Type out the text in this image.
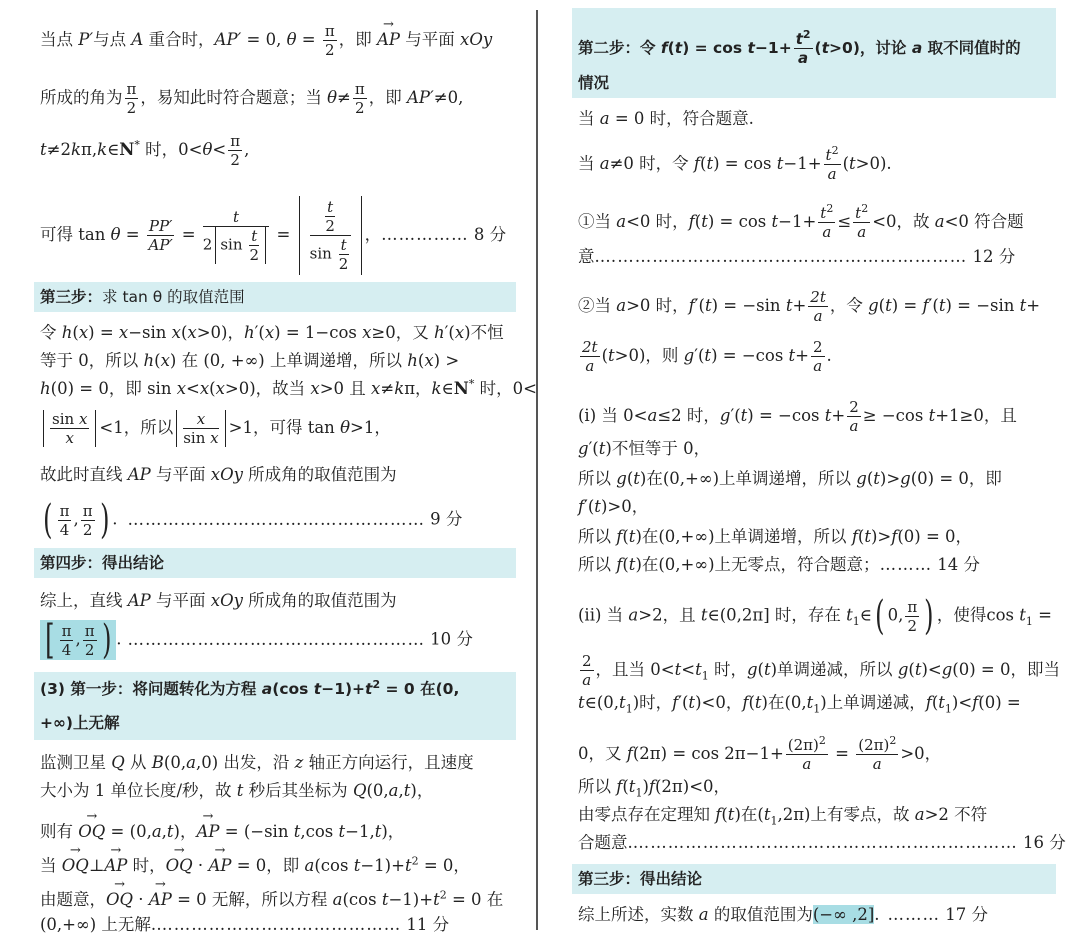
当点 P′与点 A 重合时，AP′ = 0, $\theta = \frac{\pi}{2}$ ，即 → AP 与平面 xOy
所成的角为 $\frac{\pi}{2}$ ，易知此时符合题意；当 $\theta\ne \frac{\pi}{2}$ ，即 AP′≠0,
t≠2kπ,k∈N* 时，$0<\theta< \frac{\pi}{2}$ ,
可得 $\tan \theta = \frac{PP'}{AP'} = \frac{t}{2 \sin \frac{t}{2}} = \frac{\frac{t}{2}}{\sin \frac{t}{2}}$ ，…………… 8 分
第三步：求 tan θ 的取值范围
令 h(x) = x−sin x(x>0)，h′(x) = 1−cos x≥0，又 h′(x)不恒
等于 0，所以 h(x) 在 (0, +∞) 上单调递增，所以 h(x) >
h(0) = 0，即 sin x<x(x>0)，故当 x>0 且 x≠kπ，k∈N* 时，0<
$\frac{\text{sin x}}{x} <1$，所以 $\frac{x}{\text{sin x}} >1$，可得 tan θ>1，
故此时直线 AP 与平面 xOy 所成角的取值范围为
( $\frac{\pi}{4}$ , $\frac{\pi}{2}$ ) . …………………………………………… 9 分
第四步：得出结论
综上，直线 AP 与平面 xOy 所成角的取值范围为
[ $\frac{\pi}{4}$ , $\frac{\pi}{2}$ ) . …………………………………………… 10 分
(3) 第一步：将问题转化为方程 a(cos $t-1)+t^2 = 0$ 在(0,
+∞)上无解
监测卫星 Q 从 B(0,a,0) 出发，沿 z 轴正方向运行，且速度
大小为 1 单位长度/秒，故 t 秒后其坐标为 Q(0,a,t)，
则有 → OQ = (0,a,t)，→ AP = (−sin t,cos t−1,t)，
当 → OQ⊥→ AP 时，→ OQ · → AP = 0，即 a(cos $t-1)+t^2 = 0$，
由题意，→ OQ · → AP = 0 无解，所以方程 a(cos $t-1)+t^2 = 0$ 在
(0,+∞) 上无解.…………………………………… 11 分
第二步：令 $f(t) = \cos t-1+ \frac{t^2}{a} (t>0)$，讨论 a 取不同值时的
情况
当 a = 0 时，符合题意.
当 a≠0 时，令 $f(t) = \cos t-1+ \frac{t^2}{a} (t>0)$.
①当 a<0 时，$f(t) = \cos t-1+ \frac{t^2}{a} \le \frac{t^2}{a} <0$，故 a<0 符合题
意.……………………………………………………… 12 分
②当 a>0 时，f′(t) = −sin $t+ \frac{2t}{a}$ ，令 g(t) = f′(t) = −sin t+
$\frac{2t}{a} (t>0)$，则 g′(t) = −cos $t+ \frac{2}{a}$ .
(i) 当 0<a≤2 时，g′(t) = −cos $t+ \frac{2}{a} \ge -\cos$ t+1≥0，且
g′(t)不恒等于 0，
所以 g(t)在(0,+∞)上单调递增，所以 g(t)>g(0) = 0，即
f′(t)>0，
所以 f(t)在(0,+∞)上单调递增，所以 f(t)>f(0) = 0，
所以 f(t)在(0,+∞)上无零点，符合题意；……… 14 分
(ii) 当 a>2，且 t∈(0,2π] 时，存在 $t_1\in$( 0, $\frac{\pi}{2}$ ) ，使得$\cos t_1$ =
$\frac{2}{a}$ ，且当 $0<t<t_1$ 时，g(t)单调递减，所以 g(t)<g(0) = 0，即当
$t\in(0,t_1)$时，f′(t)<0，f(t)在$(0,t_1)$上单调递减，$f(t_1)<f(0)$ =
0，又 $f(2\pi) = \cos 2\pi-1+ \frac{(2\pi)^2}{a} = \frac{(2\pi)^2}{a} >0$，
所以 $f(t_1)f(2\pi)<0$，
由零点存在定理知 f(t)在$(t_1,2\pi)$上有零点，故 a>2 不符
合题意.………………………………………………………… 16 分
第三步：得出结论
综上所述，实数 a 的取值范围为(−∞ ,2].……… 17 分
